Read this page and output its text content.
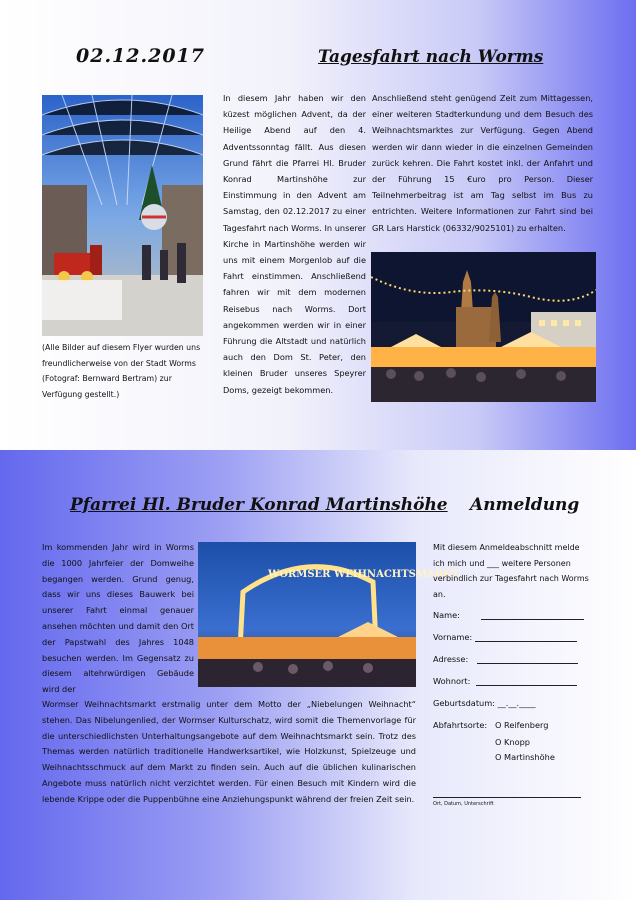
02.12.2017	Tagesfahrt nach Worms
In diesem Jahr haben wir den küzest möglichen Advent, da der Heilige Abend auf den 4. Adventssonntag fällt. Aus diesen Grund fährt die Pfarrei Hl. Bruder Konrad Martinshöhe zur Einstimmung in den Advent am Samstag, den 02.12.2017 zu einer Tagesfahrt nach Worms. In unserer Kirche in Martinshöhe werden wir uns mit einem Morgenlob auf die Fahrt einstimmen. Anschließend fahren wir mit dem modernen Reisebus nach Worms. Dort angekommen werden wir in einer Führung die Altstadt und natürlich auch den Dom St. Peter, den kleinen Bruder unseres Speyrer Doms, gezeigt bekommen.
Anschließend steht genügend Zeit zum Mittagessen, einer weiteren Stadterkundung und dem Besuch des Weihnachtsmarktes zur Verfügung. Gegen Abend werden wir dann wieder in die einzelnen Gemeinden zurück kehren. Die Fahrt kostet inkl. der Anfahrt und der Führung 15 €uro pro Person. Dieser Teilnehmerbeitrag ist am Tag selbst im Bus zu entrichten. Weitere Informationen zur Fahrt sind bei GR Lars Harstick (06332/9025101) zu erhalten.
(Alle Bilder auf diesem Flyer wurden uns freundlicherweise von der Stadt Worms (Fotograf: Bernward Bertram) zur Verfügung gestellt.)
Pfarrei Hl. Bruder Konrad Martinshöhe Anmeldung
WORMSER WEIHNACHTSMARKT
Im kommenden Jahr wird in Worms die 1000 Jahrfeier der Domweihe begangen werden. Grund genug, dass wir uns dieses Bauwerk bei unserer Fahrt einmal genauer ansehen möchten und damit den Ort der Papstwahl des Jahres 1048 besuchen werden. Im Gegensatz zu diesem altehrwürdigen Gebäude wird der
Wormser Weihnachtsmarkt erstmalig unter dem Motto der „Niebelungen Weihnacht“ stehen. Das Nibelungenlied, der Wormser Kulturschatz, wird somit die Themenvorlage für die unterschiedlichsten Unterhaltungsangebote auf dem Weihnachtsmarkt sein. Trotz des Themas werden natürlich traditionelle Handwerksartikel, wie Holzkunst, Spielzeuge und Weihnachtsschmuck auf dem Markt zu finden sein. Auch auf die üblichen kulinarischen Angebote muss natürlich nicht verzichtet werden. Für einen Besuch mit Kindern wird die lebende Krippe oder die Puppenbühne eine Anziehungspunkt während der freien Zeit sein.
Mit diesem Anmeldeabschnitt melde ich mich und ___ weitere Personen verbindlich zur Tagesfahrt nach Worms an.
Name:
Vorname:
Adresse:
Wohnort:
Geburtsdatum: __.__.____
Abfahrtsorte: O Reifenberg
O Knopp
O Martinshöhe
Ort, Datum, Unterschrift
